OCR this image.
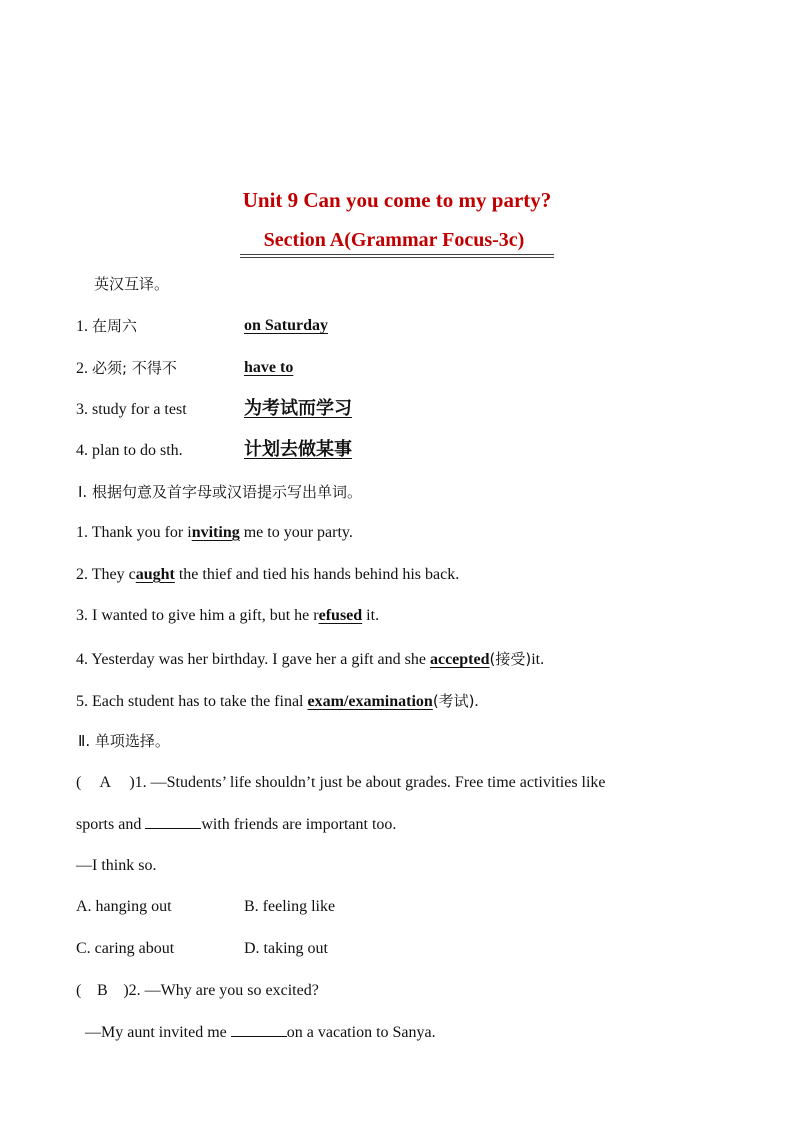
Unit 9 Can you come to my party?
Section A(Grammar Focus-3c)
英汉互译。
1. 在周六	on Saturday
2. 必须; 不得不	have to
3. study for a test	为考试而学习
4. plan to do sth.	计划去做某事
Ⅰ. 根据句意及首字母或汉语提示写出单词。
1. Thank you for inviting me to your party.
2. They caught the thief and tied his hands behind his back.
3. I wanted to give him a gift, but he refused it.
4. Yesterday was her birthday. I gave her a gift and she accepted(接受)it.
5. Each student has to take the final exam/examination(考试).
Ⅱ. 单项选择。
( A )1. —Students’ life shouldn’t just be about grades. Free time activities like
sports and	with friends are important too.
—I think so.
A. hanging out	B. feeling like
C. caring about	D. taking out
( B )2. —Why are you so excited?
—My aunt invited me	on a vacation to Sanya.
